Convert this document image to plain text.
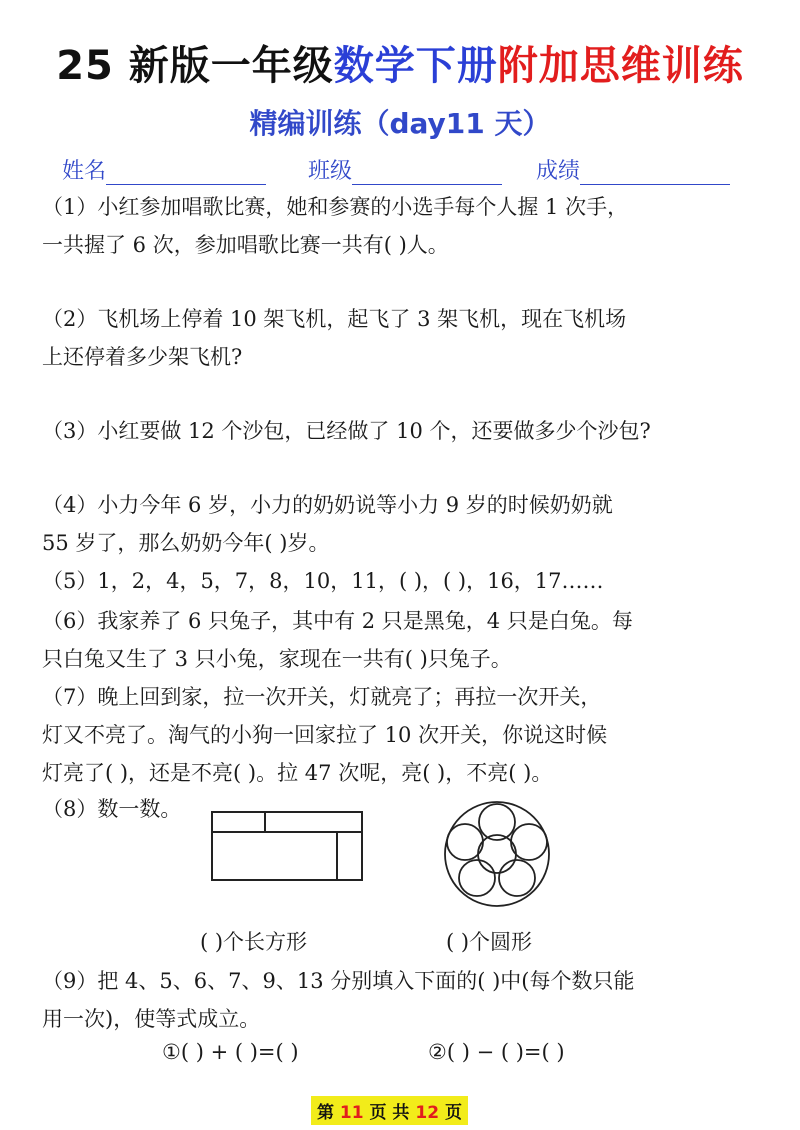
25 新版一年级数学下册附加思维训练
精编训练（day11 天）
姓名	班级	成绩
（1）小红参加唱歌比赛，她和参赛的小选手每个人握 1 次手，
一共握了 6 次，参加唱歌比赛一共有( )人。
（2）飞机场上停着 10 架飞机，起飞了 3 架飞机，现在飞机场
上还停着多少架飞机?
（3）小红要做 12 个沙包，已经做了 10 个，还要做多少个沙包?
（4）小力今年 6 岁，小力的奶奶说等小力 9 岁的时候奶奶就
55 岁了，那么奶奶今年( )岁。
（5）1，2，4，5，7，8，10，11，( )，( )，16，17……
（6）我家养了 6 只兔子，其中有 2 只是黑兔，4 只是白兔。每
只白兔又生了 3 只小兔，家现在一共有( )只兔子。
（7）晚上回到家，拉一次开关，灯就亮了；再拉一次开关，
灯又不亮了。淘气的小狗一回家拉了 10 次开关，你说这时候
灯亮了( )，还是不亮( )。拉 47 次呢，亮( )，不亮( )。
（8）数一数。
( )个长方形	( )个圆形
（9）把 4、5、6、7、9、13 分别填入下面的( )中(每个数只能
用一次)，使等式成立。
①( ) + ( )=( )	②( ) − ( )=( )
第 11 页 共 12 页
